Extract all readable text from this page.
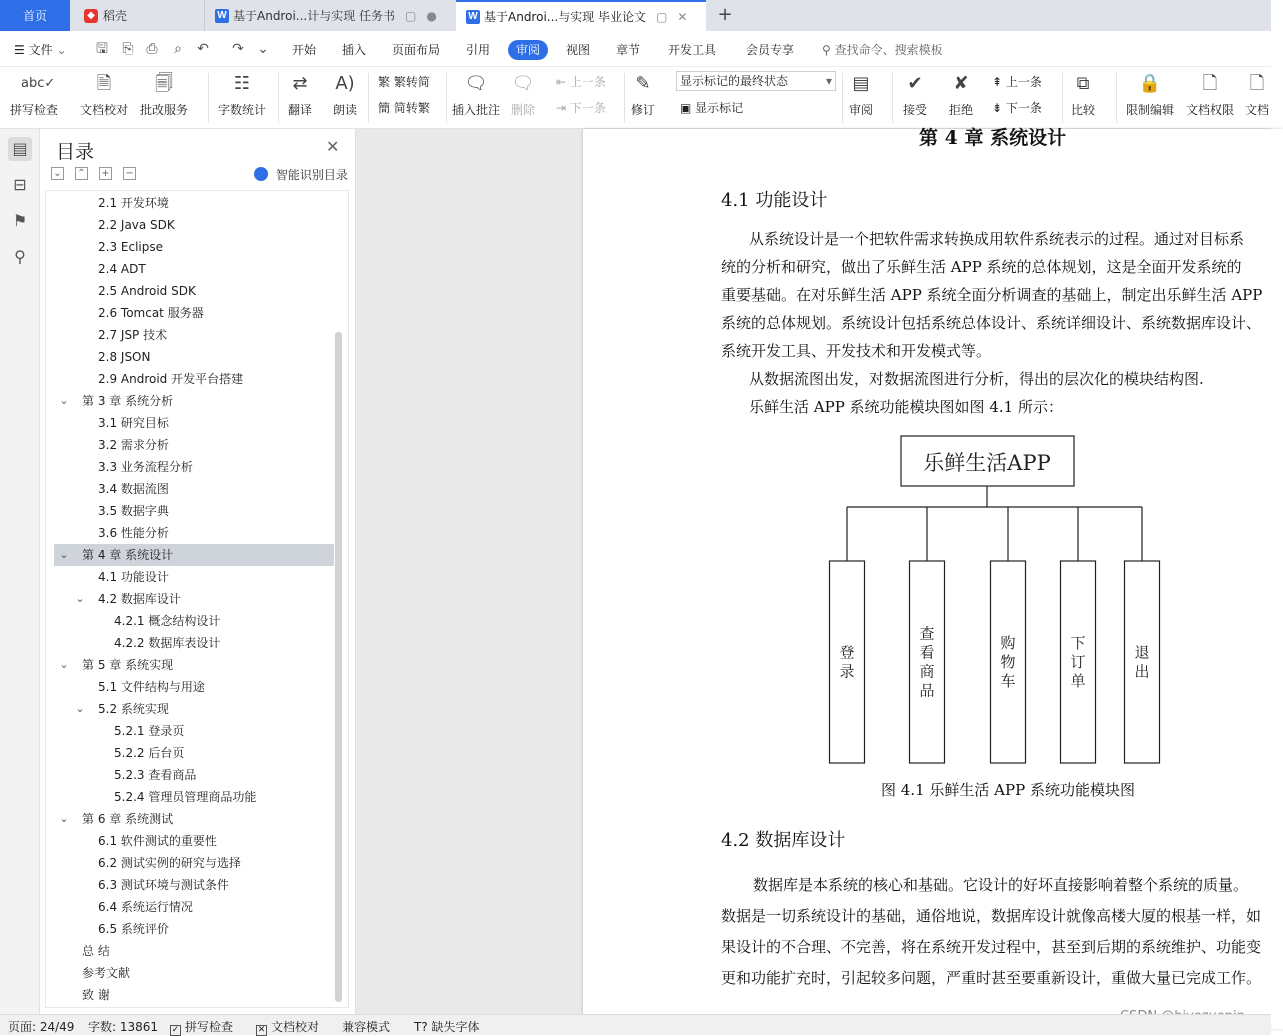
首页	◆ 稻壳	W 基于Androi...计与实现 任务书 ▢ ●	W 基于Androi...与实现 毕业论文 ▢ ✕ +
☰ 文件 ⌄ 🖫 ⎘ ⎙ ⌕ ↶ ↷ ⌄ 开始 插入 页面布局 引用	审阅	视图 章节 开发工具 会员专享 ⚲ 查找命令、搜索模板
abc✓
拼写检查
🗎
文档校对
🗐
批改服务
☷
字数统计
⇄
翻译
A)
朗读
繁 繁转简
簡 简转繁
🗨
插入批注
🗨
删除
⇤ 上一条
⇥ 下一条
✎
修订
显示标记的最终状态	▾
▣ 显示标记
▤
审阅
✔
接受
✘
拒绝
⇞ 上一条
⇟ 下一条
⧉
比较
🔒
限制编辑
🗋
文档权限
🗋
文档
▤
⊟
⚑
⚲
目录	✕
⌄ ⌃ + −	智能识别目录
2.1 开发环境
2.2 Java SDK
2.3 Eclipse
2.4 ADT
2.5 Android SDK
2.6 Tomcat 服务器
2.7 JSP 技术
2.8 JSON
2.9 Android 开发平台搭建
⌄ 第 3 章 系统分析
3.1 研究目标
3.2 需求分析
3.3 业务流程分析
3.4 数据流图
3.5 数据字典
3.6 性能分析
⌄ 第 4 章 系统设计
4.1 功能设计
⌄ 4.2 数据库设计
4.2.1 概念结构设计
4.2.2 数据库表设计
⌄ 第 5 章 系统实现
5.1 文件结构与用途
⌄ 5.2 系统实现
5.2.1 登录页
5.2.2 后台页
5.2.3 查看商品
5.2.4 管理员管理商品功能
⌄ 第 6 章 系统测试
6.1 软件测试的重要性
6.2 测试实例的研究与选择
6.3 测试环境与测试条件
6.4 系统运行情况
6.5 系统评价
总 结
参考文献
致 谢
第 4 章 系统设计
4.1 功能设计
从系统设计是一个把软件需求转换成用软件系统表示的过程。通过对目标系
统的分析和研究，做出了乐鲜生活 APP 系统的总体规划，这是全面开发系统的
重要基础。在对乐鲜生活 APP 系统全面分析调查的基础上，制定出乐鲜生活 APP
系统的总体规划。系统设计包括系统总体设计、系统详细设计、系统数据库设计、
系统开发工具、开发技术和开发模式等。
从数据流图出发，对数据流图进行分析，得出的层次化的模块结构图.
乐鲜生活 APP 系统功能模块图如图 4.1 所示：
乐鲜生活APP
登录
查看商品
购物车
下订单
退出
图 4.1 乐鲜生活 APP 系统功能模块图
4.2 数据库设计
数据库是本系统的核心和基础。它设计的好坏直接影响着整个系统的质量。
数据是一切系统设计的基础，通俗地说，数据库设计就像高楼大厦的根基一样，如
果设计的不合理、不完善，将在系统开发过程中，甚至到后期的系统维护、功能变
更和功能扩充时，引起较多问题，严重时甚至要重新设计，重做大量已完成工作。
页面: 24/49 字数: 13861 ✓ 拼写检查	✕ 文档校对 兼容模式 T? 缺失字体
